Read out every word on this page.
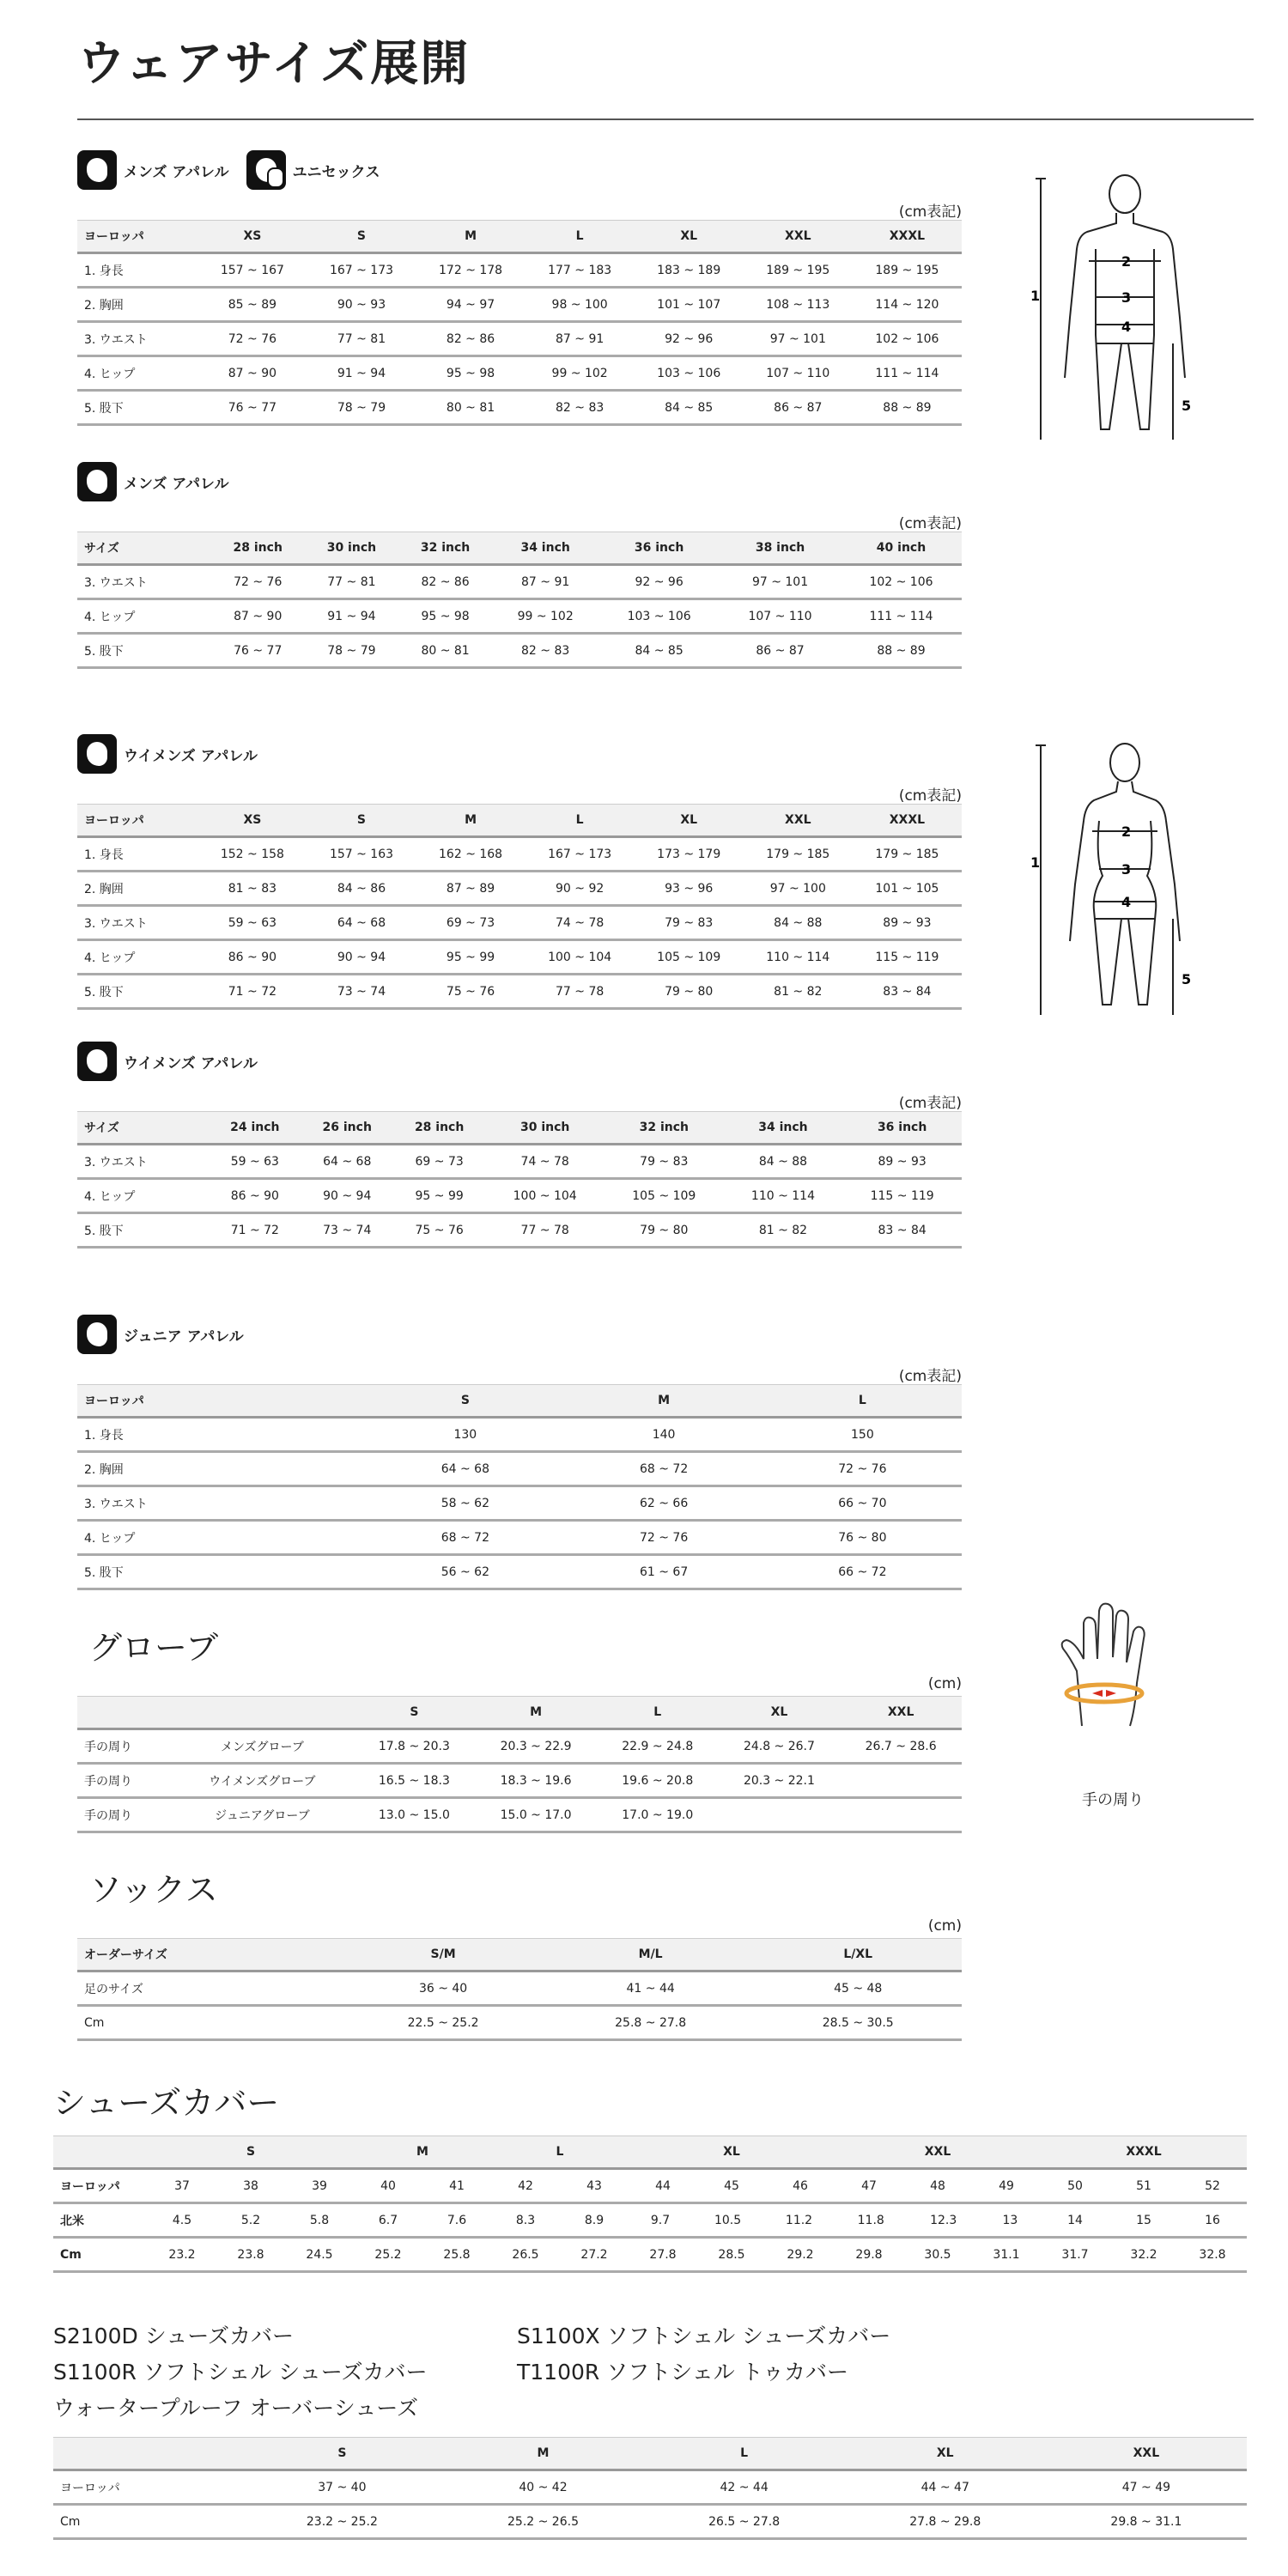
ウェアサイズ展開
メンズ アパレル	ユニセックス
(cm表記)
ヨーロッパ	XS	S	M	L	XL	XXL	XXXL
1. 身長	157 ~ 167	167 ~ 173	172 ~ 178	177 ~ 183	183 ~ 189	189 ~ 195	189 ~ 195
2. 胸囲	85 ~ 89	90 ~ 93	94 ~ 97	98 ~ 100	101 ~ 107	108 ~ 113	114 ~ 120
3. ウエスト	72 ~ 76	77 ~ 81	82 ~ 86	87 ~ 91	92 ~ 96	97 ~ 101	102 ~ 106
4. ヒップ	87 ~ 90	91 ~ 94	95 ~ 98	99 ~ 102	103 ~ 106	107 ~ 110	111 ~ 114
5. 股下	76 ~ 77	78 ~ 79	80 ~ 81	82 ~ 83	84 ~ 85	86 ~ 87	88 ~ 89
メンズ アパレル
(cm表記)
サイズ	28 inch	30 inch	32 inch	34 inch	36 inch	38 inch	40 inch
3. ウエスト	72 ~ 76	77 ~ 81	82 ~ 86	87 ~ 91	92 ~ 96	97 ~ 101	102 ~ 106
4. ヒップ	87 ~ 90	91 ~ 94	95 ~ 98	99 ~ 102	103 ~ 106	107 ~ 110	111 ~ 114
5. 股下	76 ~ 77	78 ~ 79	80 ~ 81	82 ~ 83	84 ~ 85	86 ~ 87	88 ~ 89
ウイメンズ アパレル
(cm表記)
ヨーロッパ	XS	S	M	L	XL	XXL	XXXL
1. 身長	152 ~ 158	157 ~ 163	162 ~ 168	167 ~ 173	173 ~ 179	179 ~ 185	179 ~ 185
2. 胸囲	81 ~ 83	84 ~ 86	87 ~ 89	90 ~ 92	93 ~ 96	97 ~ 100	101 ~ 105
3. ウエスト	59 ~ 63	64 ~ 68	69 ~ 73	74 ~ 78	79 ~ 83	84 ~ 88	89 ~ 93
4. ヒップ	86 ~ 90	90 ~ 94	95 ~ 99	100 ~ 104	105 ~ 109	110 ~ 114	115 ~ 119
5. 股下	71 ~ 72	73 ~ 74	75 ~ 76	77 ~ 78	79 ~ 80	81 ~ 82	83 ~ 84
ウイメンズ アパレル
(cm表記)
サイズ	24 inch	26 inch	28 inch	30 inch	32 inch	34 inch	36 inch
3. ウエスト	59 ~ 63	64 ~ 68	69 ~ 73	74 ~ 78	79 ~ 83	84 ~ 88	89 ~ 93
4. ヒップ	86 ~ 90	90 ~ 94	95 ~ 99	100 ~ 104	105 ~ 109	110 ~ 114	115 ~ 119
5. 股下	71 ~ 72	73 ~ 74	75 ~ 76	77 ~ 78	79 ~ 80	81 ~ 82	83 ~ 84
ジュニア アパレル
(cm表記)
ヨーロッパ	S	M	L
1. 身長	130	140	150
2. 胸囲	64 ~ 68	68 ~ 72	72 ~ 76
3. ウエスト	58 ~ 62	62 ~ 66	66 ~ 70
4. ヒップ	68 ~ 72	72 ~ 76	76 ~ 80
5. 股下	56 ~ 62	61 ~ 67	66 ~ 72
グローブ
(cm)
		S	M	L	XL	XXL
手の周り	メンズグローブ	17.8 ~ 20.3	20.3 ~ 22.9	22.9 ~ 24.8	24.8 ~ 26.7	26.7 ~ 28.6
手の周り	ウイメンズグローブ	16.5 ~ 18.3	18.3 ~ 19.6	19.6 ~ 20.8	20.3 ~ 22.1	
手の周り	ジュニアグローブ	13.0 ~ 15.0	15.0 ~ 17.0	17.0 ~ 19.0		
ソックス
(cm)
オーダーサイズ	S/M	M/L	L/XL
足のサイズ	36 ~ 40	41 ~ 44	45 ~ 48
Cm	22.5 ~ 25.2	25.8 ~ 27.8	28.5 ~ 30.5
シューズカバー
	S	M	L	XL	XXL	XXXL
ヨーロッパ	37 38 39	40 41	42 43	44 45 46	47 48 49	50 51 52

北米	4.5 5.2 5.8	6.7 7.6	8.3 8.9	9.7 10.5 11.2	11.8 12.3 13	14 15 16

Cm	23.2 23.8 24.5	25.2 25.8	26.5 27.2	27.8 28.5 29.2	29.8 30.5 31.1	31.7 32.2 32.8
S2100D シューズカバー	S1100X ソフトシェル シューズカバー
S1100R ソフトシェル シューズカバー	T1100R ソフトシェル トゥカバー
ウォータープルーフ オーバーシューズ
	S	M	L	XL	XXL
ヨーロッパ	37 ~ 40	40 ~ 42	42 ~ 44	44 ~ 47	47 ~ 49
Cm	23.2 ~ 25.2	25.2 ~ 26.5	26.5 ~ 27.8	27.8 ~ 29.8	29.8 ~ 31.1
1
2
3
4
5
1
2
3
4
5
手の周り
